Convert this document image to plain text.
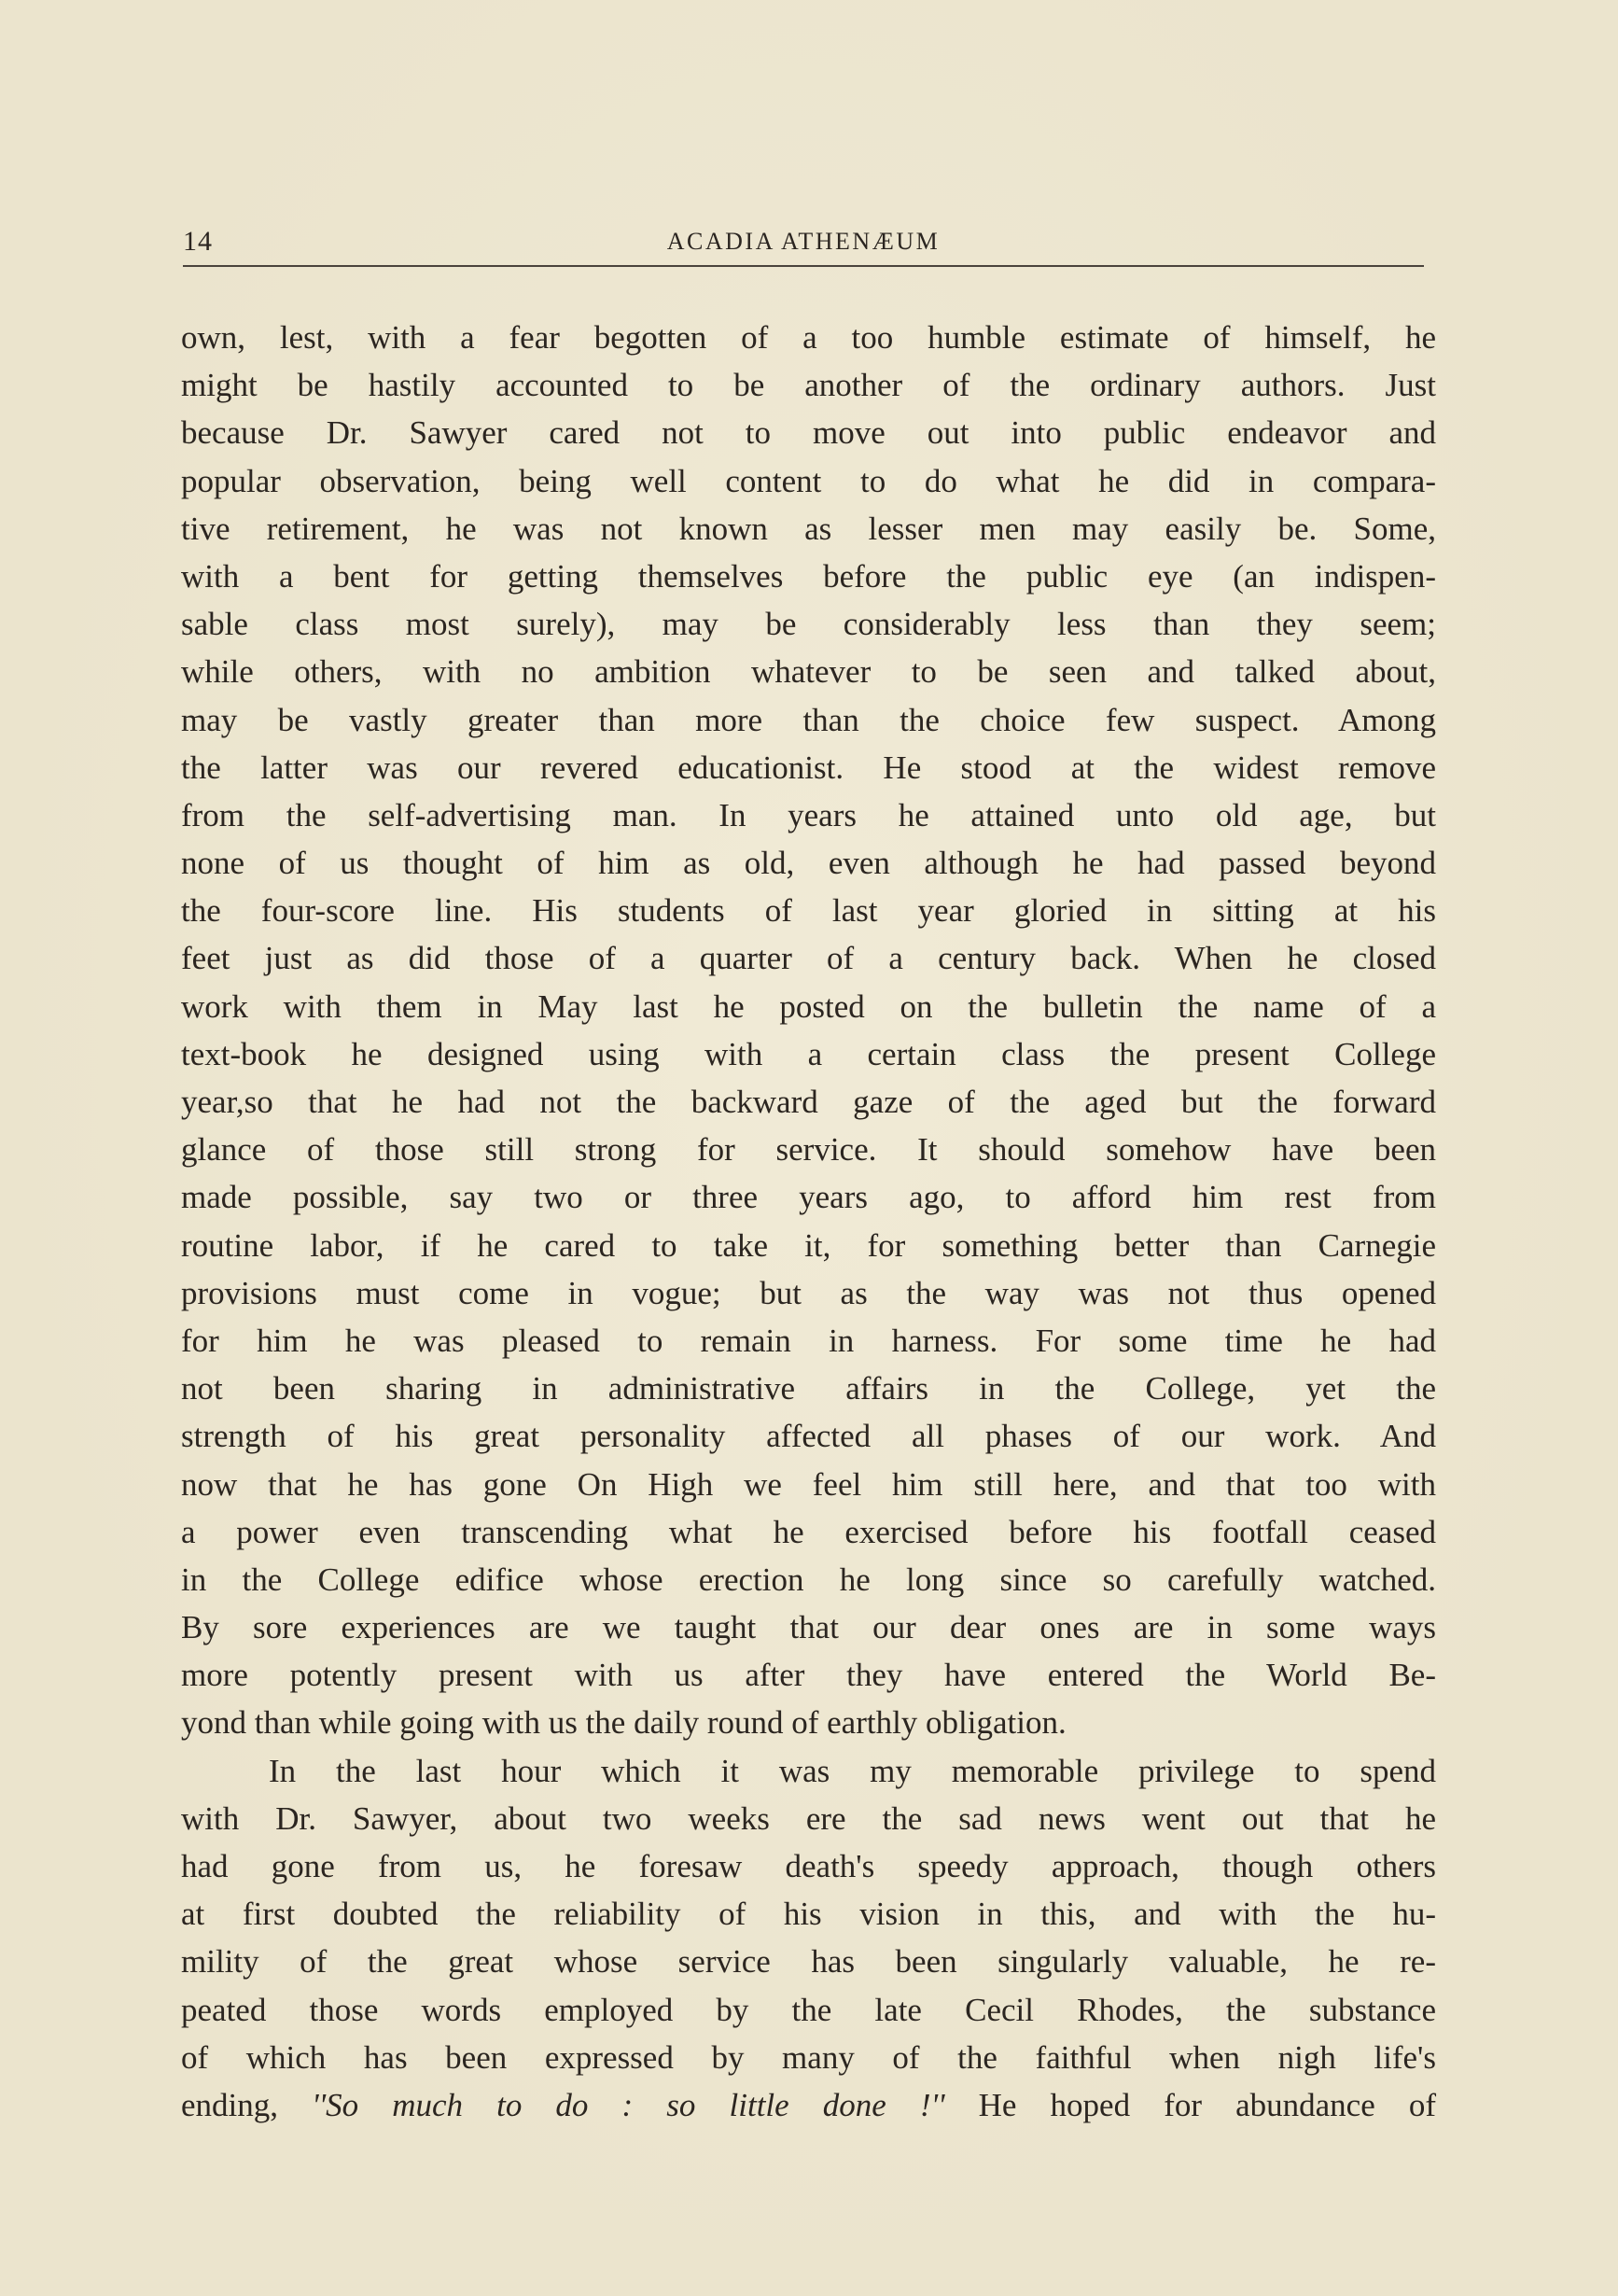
14	ACADIA ATHENÆUM
own, lest, with a fear begotten of a too humble estimate of himself, he
might be hastily accounted to be another of the ordinary authors. Just
because Dr. Sawyer cared not to move out into public endeavor and
popular observation, being well content to do what he did in compara-
tive retirement, he was not known as lesser men may easily be. Some,
with a bent for getting themselves before the public eye (an indispen-
sable class most surely), may be considerably less than they seem;
while others, with no ambition whatever to be seen and talked about,
may be vastly greater than more than the choice few suspect. Among
the latter was our revered educationist. He stood at the widest remove
from the self-advertising man. In years he attained unto old age, but
none of us thought of him as old, even although he had passed beyond
the four-score line. His students of last year gloried in sitting at his
feet just as did those of a quarter of a century back. When he closed
work with them in May last he posted on the bulletin the name of a
text-book he designed using with a certain class the present College
year,so that he had not the backward gaze of the aged but the forward
glance of those still strong for service. It should somehow have been
made possible, say two or three years ago, to afford him rest from
routine labor, if he cared to take it, for something better than Carnegie
provisions must come in vogue; but as the way was not thus opened
for him he was pleased to remain in harness. For some time he had
not been sharing in administrative affairs in the College, yet the
strength of his great personality affected all phases of our work. And
now that he has gone On High we feel him still here, and that too with
a power even transcending what he exercised before his footfall ceased
in the College edifice whose erection he long since so carefully watched.
By sore experiences are we taught that our dear ones are in some ways
more potently present with us after they have entered the World Be-
yond than while going with us the daily round of earthly obligation.
In the last hour which it was my memorable privilege to spend
with Dr. Sawyer, about two weeks ere the sad news went out that he
had gone from us, he foresaw death's speedy approach, though others
at first doubted the reliability of his vision in this, and with the hu-
mility of the great whose service has been singularly valuable, he re-
peated those words employed by the late Cecil Rhodes, the substance
of which has been expressed by many of the faithful when nigh life's
ending, ''So much to do : so little done !'' He hoped for abundance of
